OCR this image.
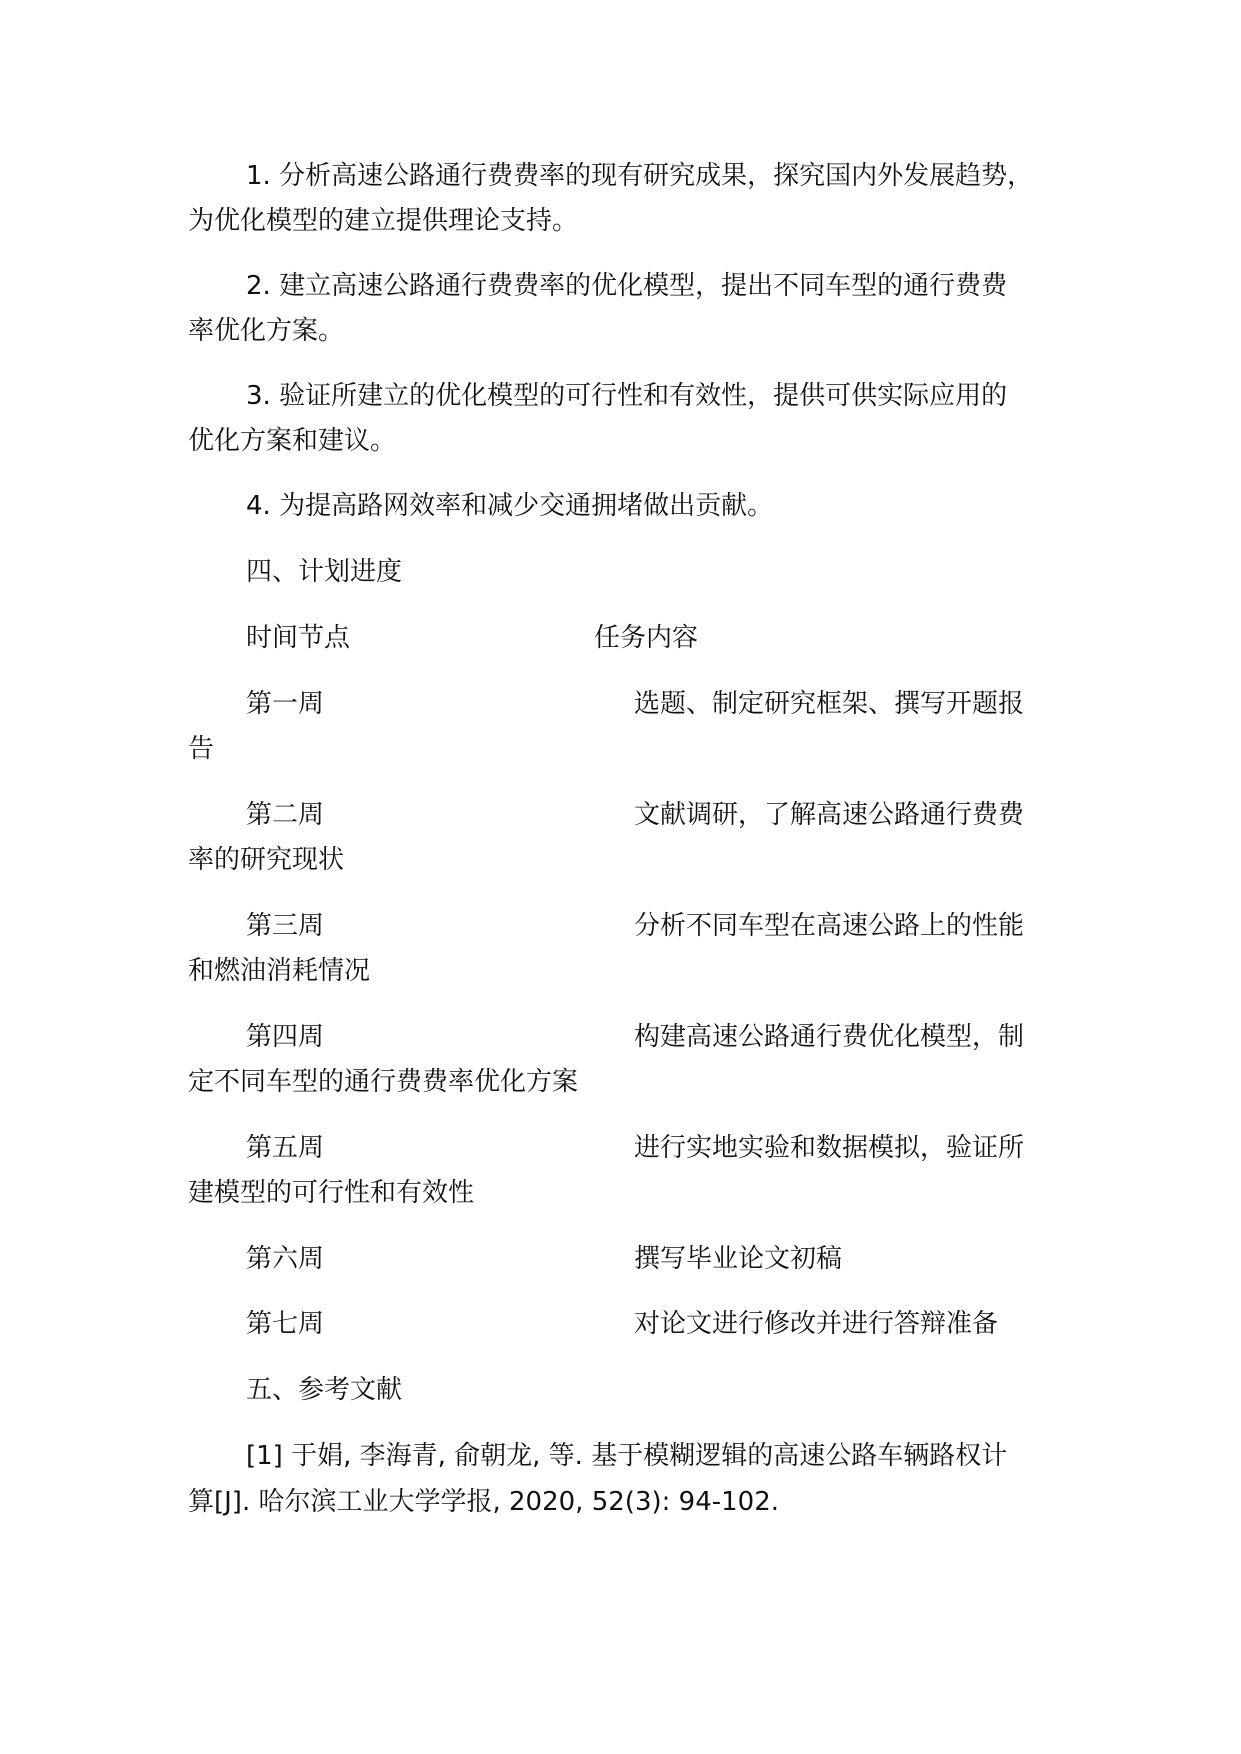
1. 分析高速公路通行费费率的现有研究成果，探究国内外发展趋势，
为优化模型的建立提供理论支持。
2. 建立高速公路通行费费率的优化模型，提出不同车型的通行费费
率优化方案。
3. 验证所建立的优化模型的可行性和有效性，提供可供实际应用的
优化方案和建议。
4. 为提高路网效率和减少交通拥堵做出贡献。
四、计划进度
时间节点	任务内容
第一周	选题、制定研究框架、撰写开题报
告
第二周	文献调研，了解高速公路通行费费
率的研究现状
第三周	分析不同车型在高速公路上的性能
和燃油消耗情况
第四周	构建高速公路通行费优化模型，制
定不同车型的通行费费率优化方案
第五周	进行实地实验和数据模拟，验证所
建模型的可行性和有效性
第六周	撰写毕业论文初稿
第七周	对论文进行修改并进行答辩准备
五、参考文献
[1] 于娟, 李海青, 俞朝龙, 等. 基于模糊逻辑的高速公路车辆路权计
算[J]. 哈尔滨工业大学学报, 2020, 52(3): 94-102.
